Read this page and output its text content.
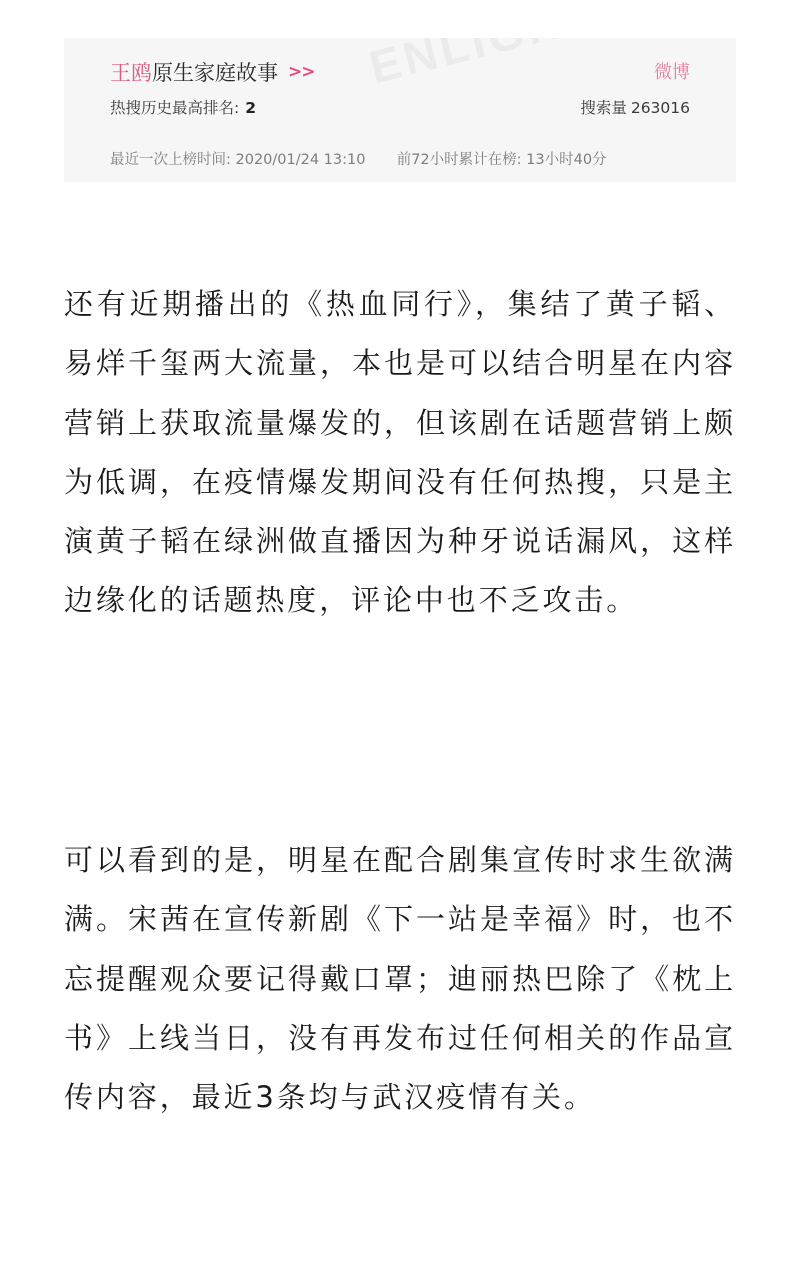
王鸥 原生家庭故事 >>	微博
热搜历史最高排名: 2	搜索量 263016
最近一次上榜时间: 2020/01/24 13:10 前72小时累计在榜: 13小时40分

还有近期播出的《热血同行》，集结了黄子韬、易烊千玺两大流量，本也是可以结合明星在内容营销上获取流量爆发的，但该剧在话题营销上颇为低调，在疫情爆发期间没有任何热搜，只是主演黄子韬在绿洲做直播因为种牙说话漏风，这样边缘化的话题热度，评论中也不乏攻击。

可以看到的是，明星在配合剧集宣传时求生欲满满。宋茜在宣传新剧《下一站是幸福》时，也不忘提醒观众要记得戴口罩；迪丽热巴除了《枕上书》上线当日，没有再发布过任何相关的作品宣传内容，最近3条均与武汉疫情有关。
